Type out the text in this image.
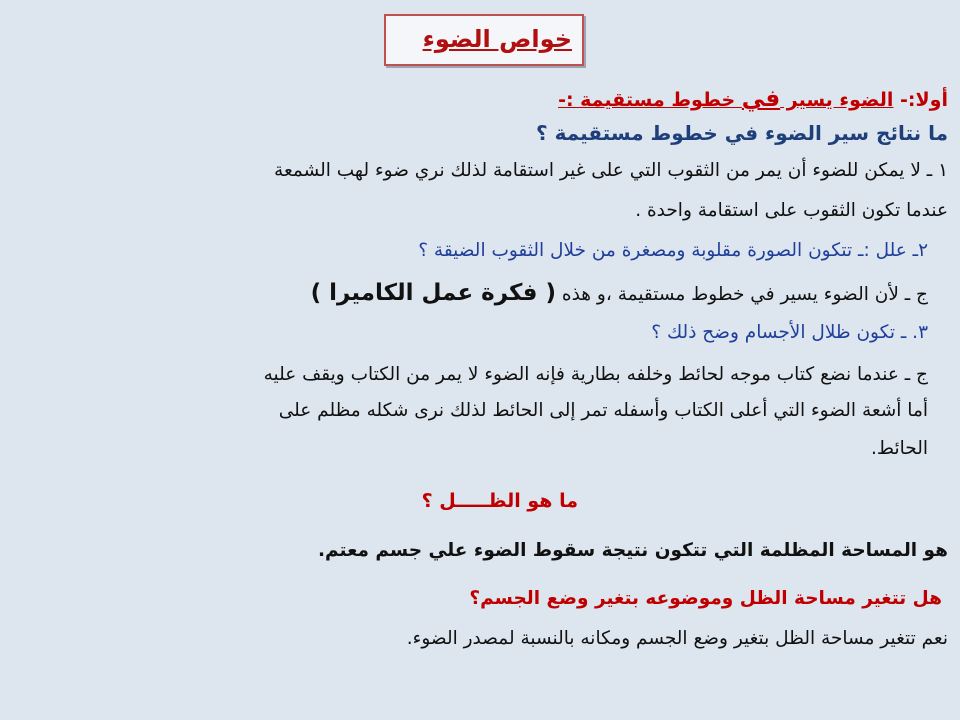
خواص الضوء
أولا:- الضوء يسير في خطوط مستقيمة :-
ما نتائج سير الضوء في خطوط مستقيمة ؟
١ ـ لا يمكن للضوء أن يمر من الثقوب التي على غير استقامة لذلك نري ضوء لهب الشمعة
عندما تكون الثقوب على استقامة واحدة .
٢ـ علل :ـ تتكون الصورة مقلوبة ومصغرة من خلال الثقوب الضيقة ؟
ج ـ لأن الضوء يسير في خطوط مستقيمة ،و هذه ( فكرة عمل الكاميرا )
٣. ـ تكون ظلال الأجسام وضح ذلك ؟
ج ـ عندما نضع كتاب موجه لحائط وخلفه بطارية فإنه الضوء لا يمر من الكتاب ويقف عليه
أما أشعة الضوء التي أعلى الكتاب وأسفله تمر إلى الحائط لذلك نرى شكله مظلم على
الحائط.
ما هو الظـــــل ؟
هو المساحة المظلمة التي تتكون نتيجة سقوط الضوء علي جسم معتم.
هل تتغير مساحة الظل وموضوعه بتغير وضع الجسم؟
نعم تتغير مساحة الظل بتغير وضع الجسم ومكانه بالنسبة لمصدر الضوء.
